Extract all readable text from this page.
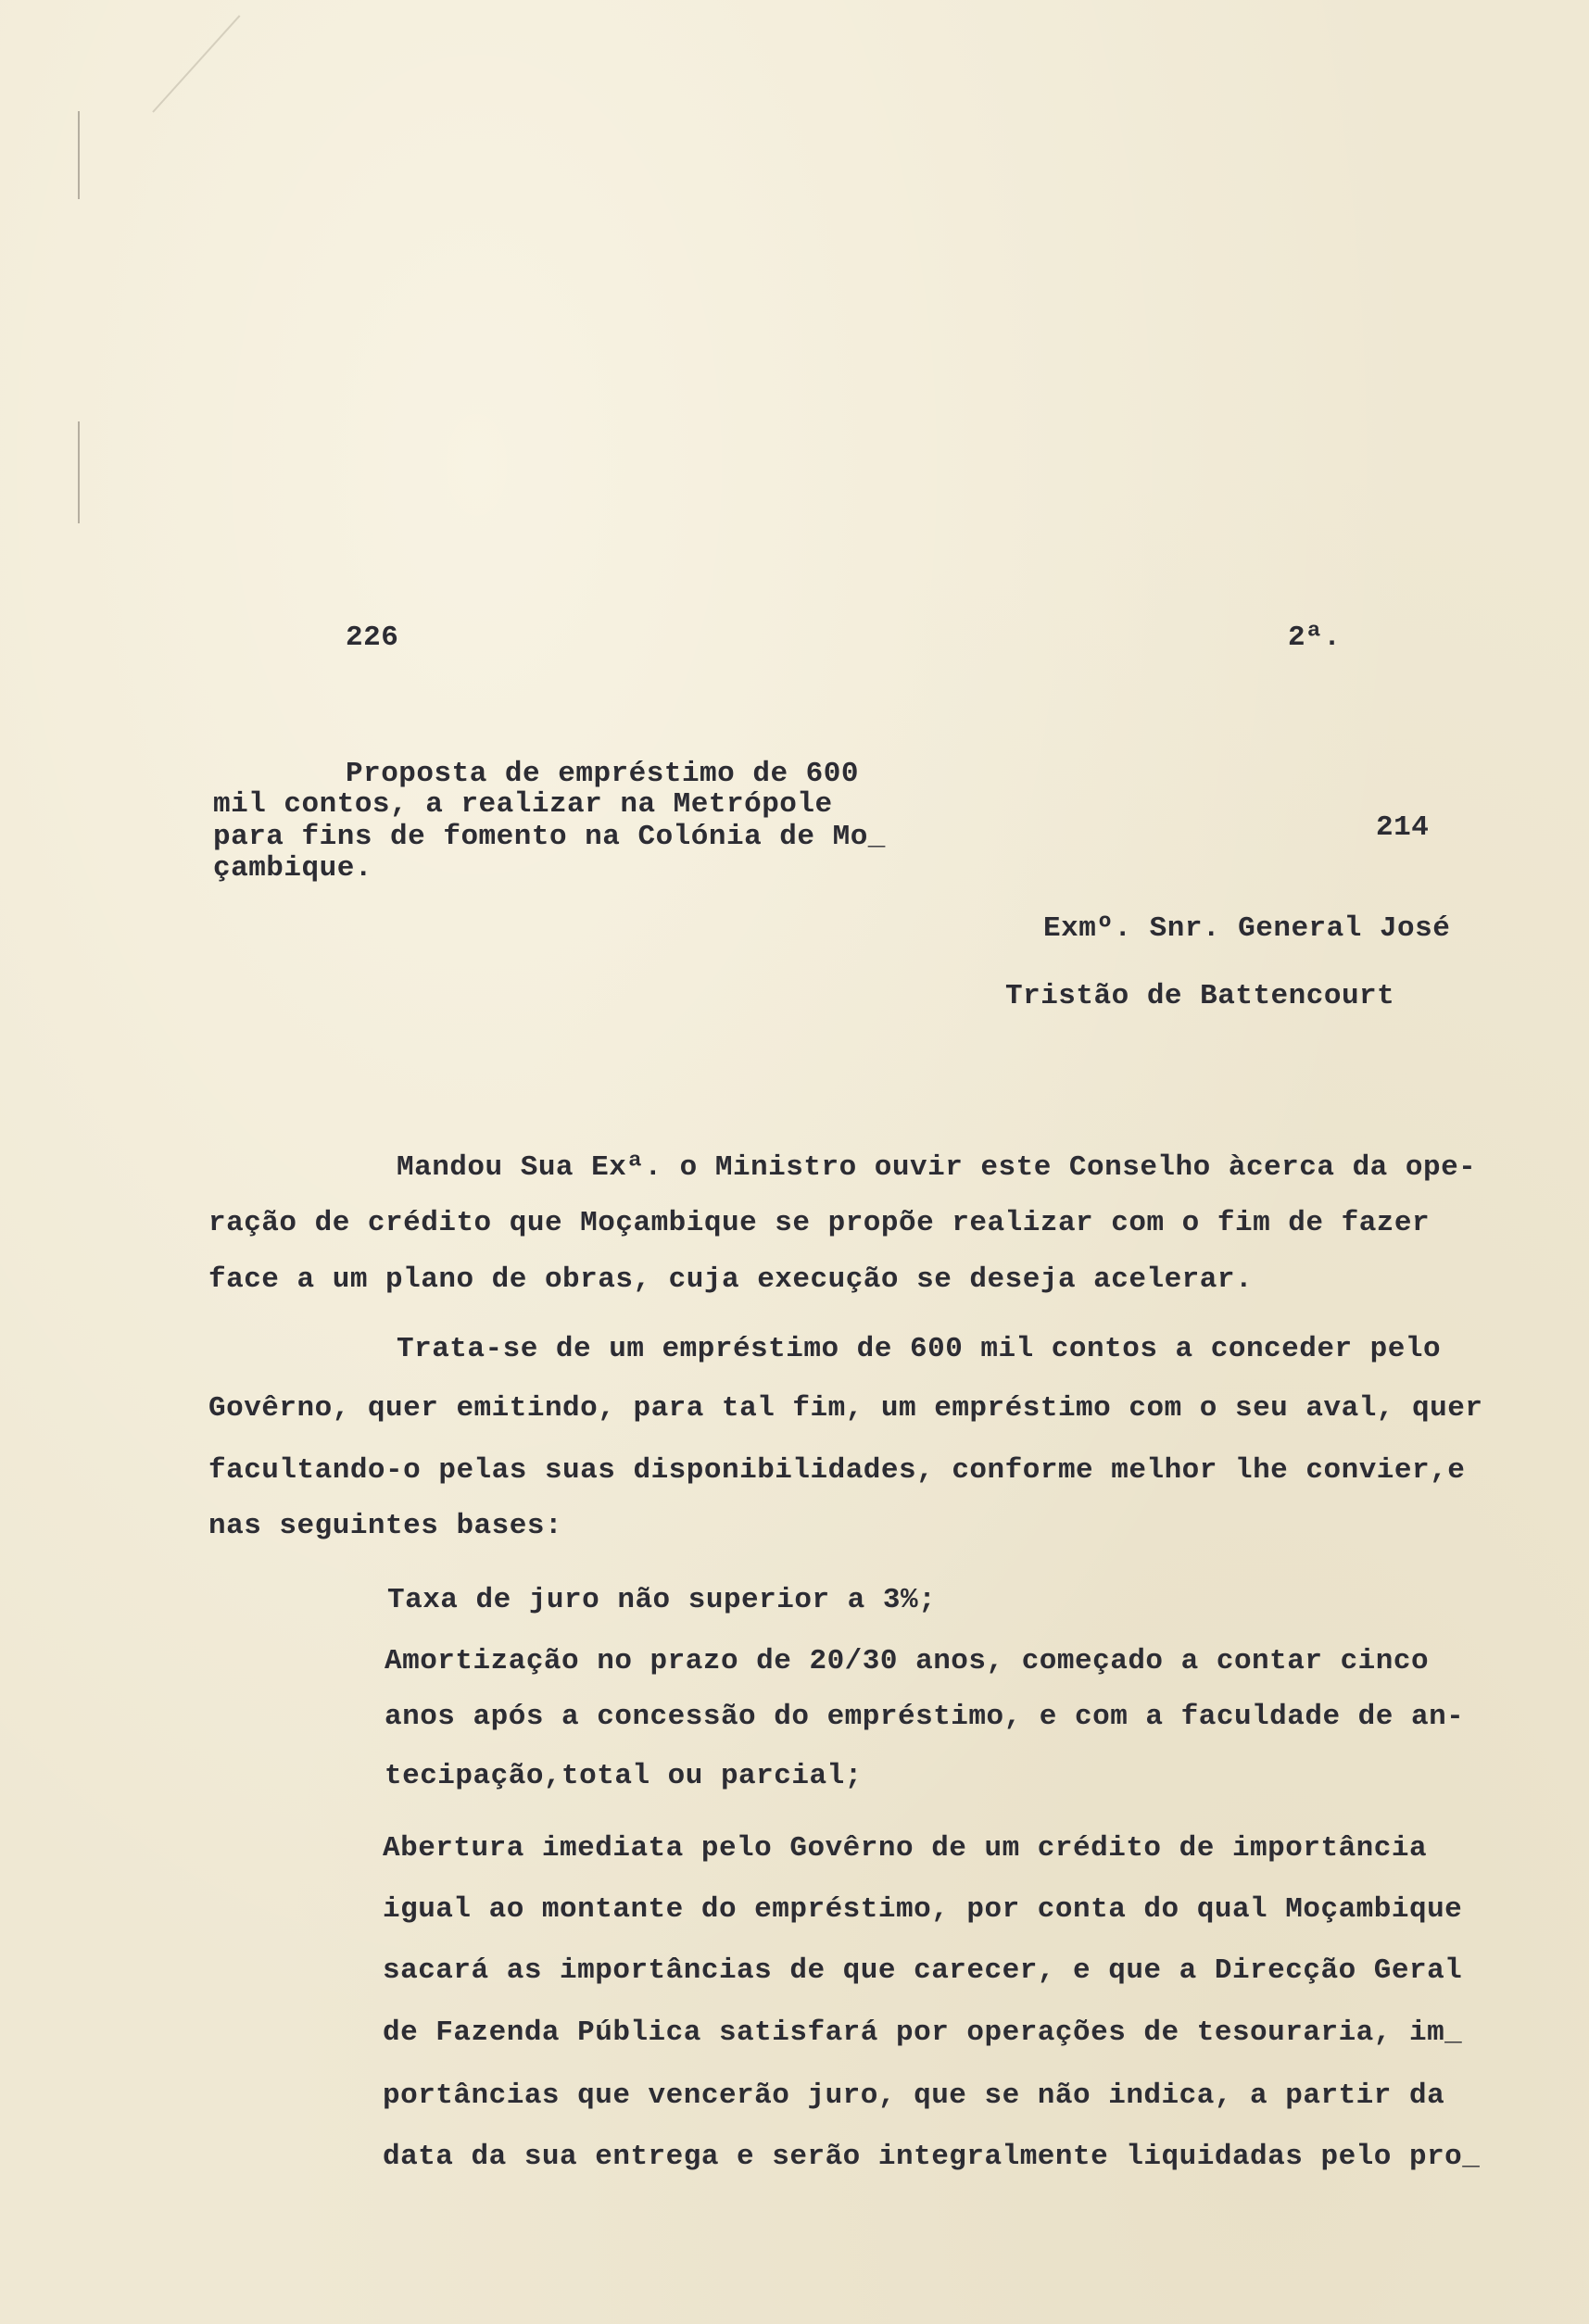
226	2ª.
Proposta de empréstimo de 600
mil contos, a realizar na Metrópole
para fins de fomento na Colónia de Mo_
çambique.
214
Exmº. Snr. General José
Tristão de Battencourt
Mandou Sua Exª. o Ministro ouvir este Conselho àcerca da ope-
ração de crédito que Moçambique se propõe realizar com o fim de fazer
face a um plano de obras, cuja execução se deseja acelerar.
Trata-se de um empréstimo de 600 mil contos a conceder pelo
Govêrno, quer emitindo, para tal fim, um empréstimo com o seu aval, quer
facultando-o pelas suas disponibilidades, conforme melhor lhe convier,e
nas seguintes bases:
Taxa de juro não superior a 3%;
Amortização no prazo de 20/30 anos, começado a contar cinco
anos após a concessão do empréstimo, e com a faculdade de an-
tecipação,total ou parcial;
Abertura imediata pelo Govêrno de um crédito de importância
igual ao montante do empréstimo, por conta do qual Moçambique
sacará as importâncias de que carecer, e que a Direcção Geral
de Fazenda Pública satisfará por operações de tesouraria, im_
portâncias que vencerão juro, que se não indica, a partir da
data da sua entrega e serão integralmente liquidadas pelo pro_
